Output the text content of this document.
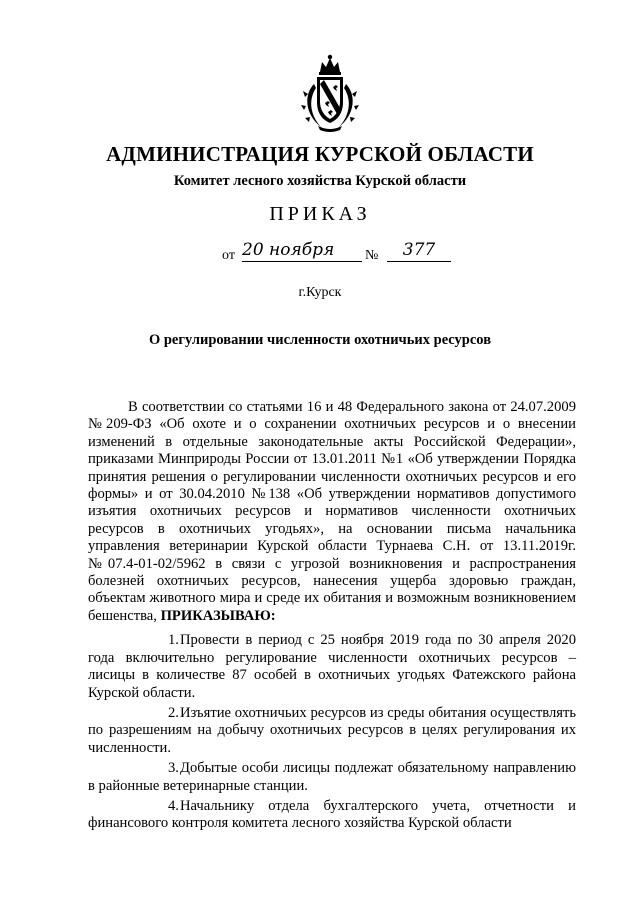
АДМИНИСТРАЦИЯ КУРСКОЙ ОБЛАСТИ
Комитет лесного хозяйства Курской области
ПРИКАЗ
от 20 ноября	№	377
г.Курск
О регулировании численности охотничьих ресурсов

В соответствии со статьями 16 и 48 Федерального закона от 24.07.2009 №209-ФЗ «Об охоте и о сохранении охотничьих ресурсов и о внесении изменений в отдельные законодательные акты Российской Федерации», приказами Минприроды России от 13.01.2011 №1 «Об утверждении Порядка принятия решения о регулировании численности охотничьих ресурсов и его формы» и от 30.04.2010 №138 «Об утверждении нормативов допустимого изъятия охотничьих ресурсов и нормативов численности охотничьих ресурсов в охотничьих угодьях», на основании письма начальника управления ветеринарии Курской области Турнаева С.Н. от 13.11.2019г. №07.4-01-02/5962 в связи с угрозой возникновения и распространения болезней охотничьих ресурсов, нанесения ущерба здоровью граждан, объектам животного мира и среде их обитания и возможным возникновением бешенства, ПРИКАЗЫВАЮ:

1.Провести в период с 25 ноября 2019 года по 30 апреля 2020 года включительно регулирование численности охотничьих ресурсов – лисицы в количестве 87 особей в охотничьих угодьях Фатежского района Курской области.

2.Изъятие охотничьих ресурсов из среды обитания осуществлять по разрешениям на добычу охотничьих ресурсов в целях регулирования их численности.

3.Добытые особи лисицы подлежат обязательному направлению в районные ветеринарные станции.

4.Начальнику отдела бухгалтерского учета, отчетности и финансового контроля комитета лесного хозяйства Курской области
